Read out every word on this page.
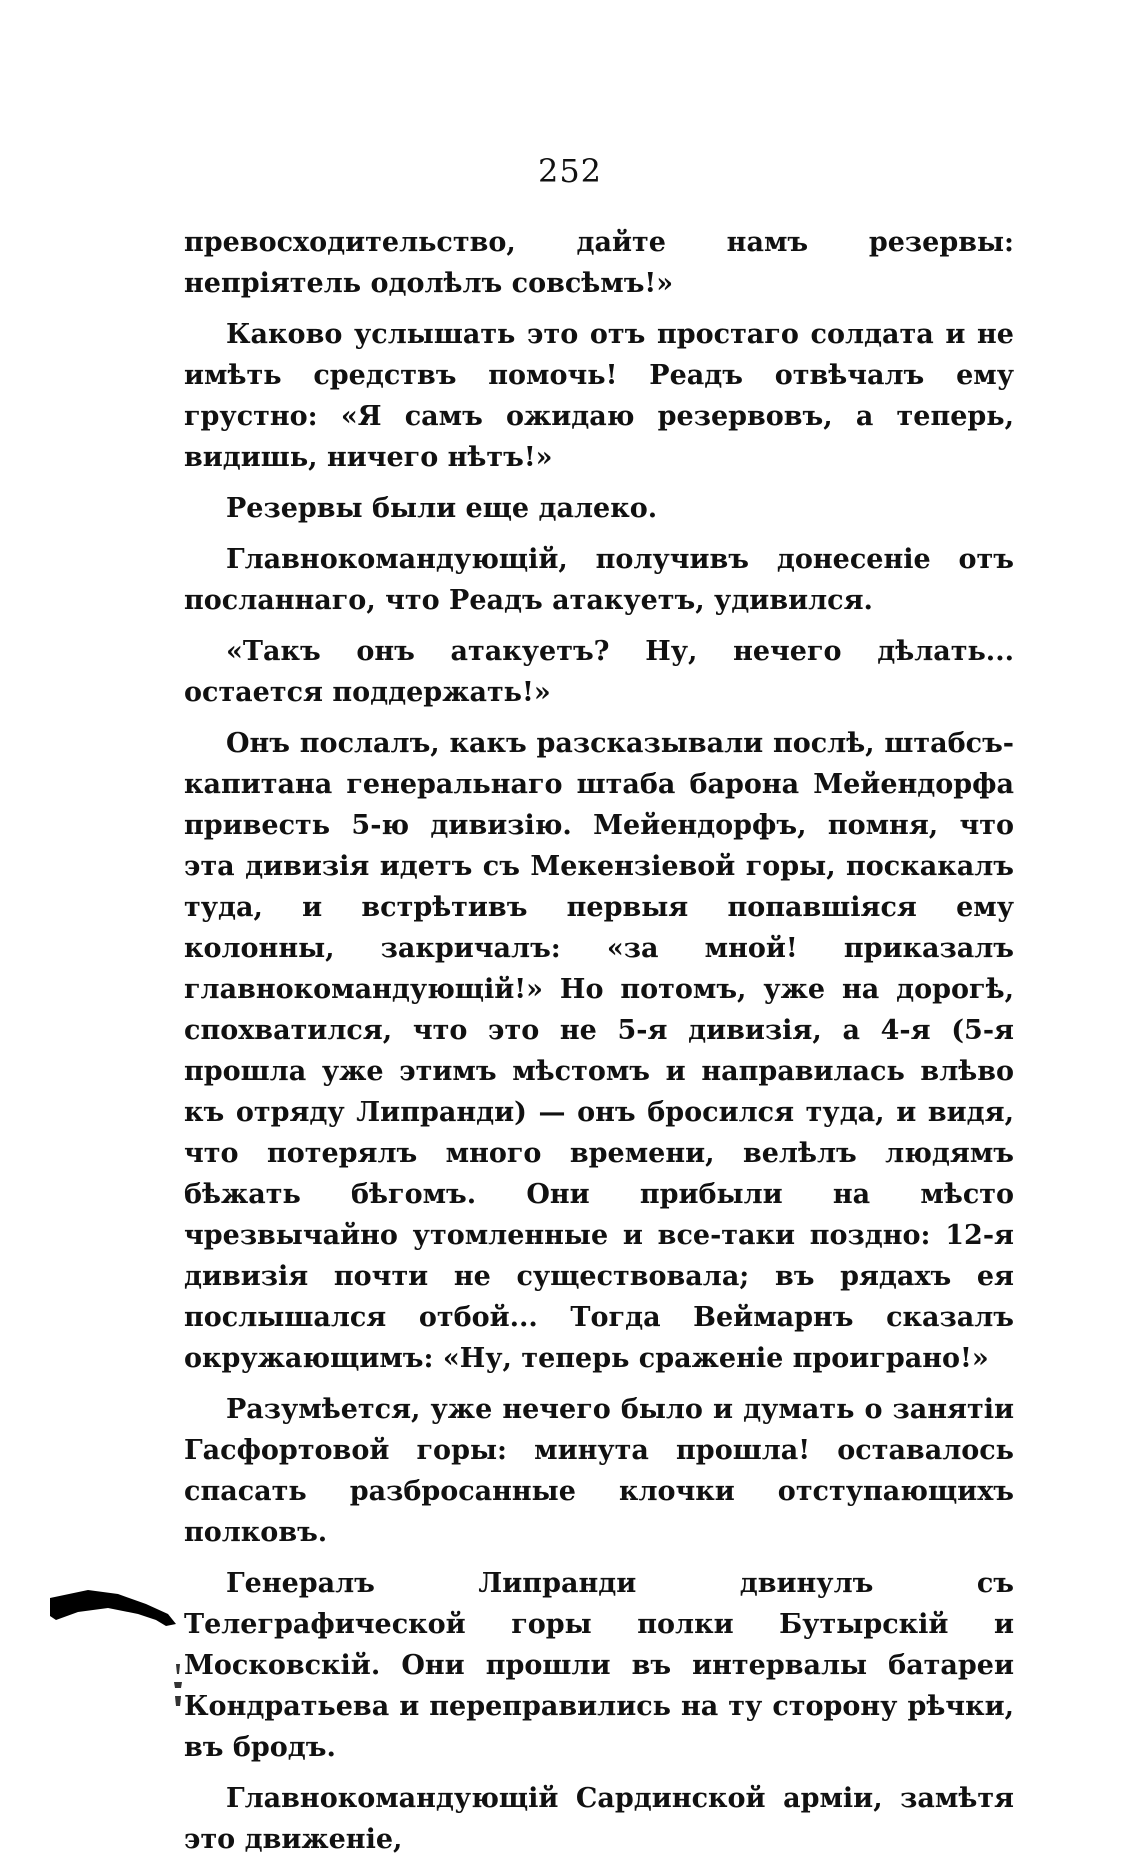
252

превосходительство, дайте намъ резервы: непріятель одолѣлъ совсѣмъ!»

Каково услышать это отъ простаго солдата и не имѣть средствъ помочь! Реадъ отвѣчалъ ему грустно: «Я самъ ожидаю резервовъ, а теперь, видишь, ничего нѣтъ!»

Резервы были еще далеко.

Главнокомандующій, получивъ донесеніе отъ посланнаго, что Реадъ атакуетъ, удивился.

«Такъ онъ атакуетъ? Ну, нечего дѣлать... остается поддержать!»

Онъ послалъ, какъ разсказывали послѣ, штабсъ-капитана генеральнаго штаба барона Мейендорфа привесть 5-ю дивизію. Мейендорфъ, помня, что эта дивизія идетъ съ Мекензіевой горы, поскакалъ туда, и встрѣтивъ первыя попавшіяся ему колонны, закричалъ: «за мной! приказалъ главнокомандующій!» Но потомъ, уже на дорогѣ, спохватился, что это не 5-я дивизія, а 4-я (5-я прошла уже этимъ мѣстомъ и направилась влѣво къ отряду Липранди) — онъ бросился туда, и видя, что потерялъ много времени, велѣлъ людямъ бѣжать бѣгомъ. Они прибыли на мѣсто чрезвычайно утомленные и все-таки поздно: 12-я дивизія почти не существовала; въ рядахъ ея послышался отбой... Тогда Веймарнъ сказалъ окружающимъ: «Ну, теперь сраженіе проиграно!»

Разумѣется, уже нечего было и думать о занятіи Гасфортовой горы: минута прошла! оставалось спасать разбросанные клочки отступающихъ полковъ.

Генералъ Липранди двинулъ съ Телеграфической горы полки Бутырскій и Московскій. Они прошли въ интервалы батареи Кондратьева и переправились на ту сторону рѣчки, въ бродъ.

Главнокомандующій Сардинской арміи, замѣтя это движеніе,
